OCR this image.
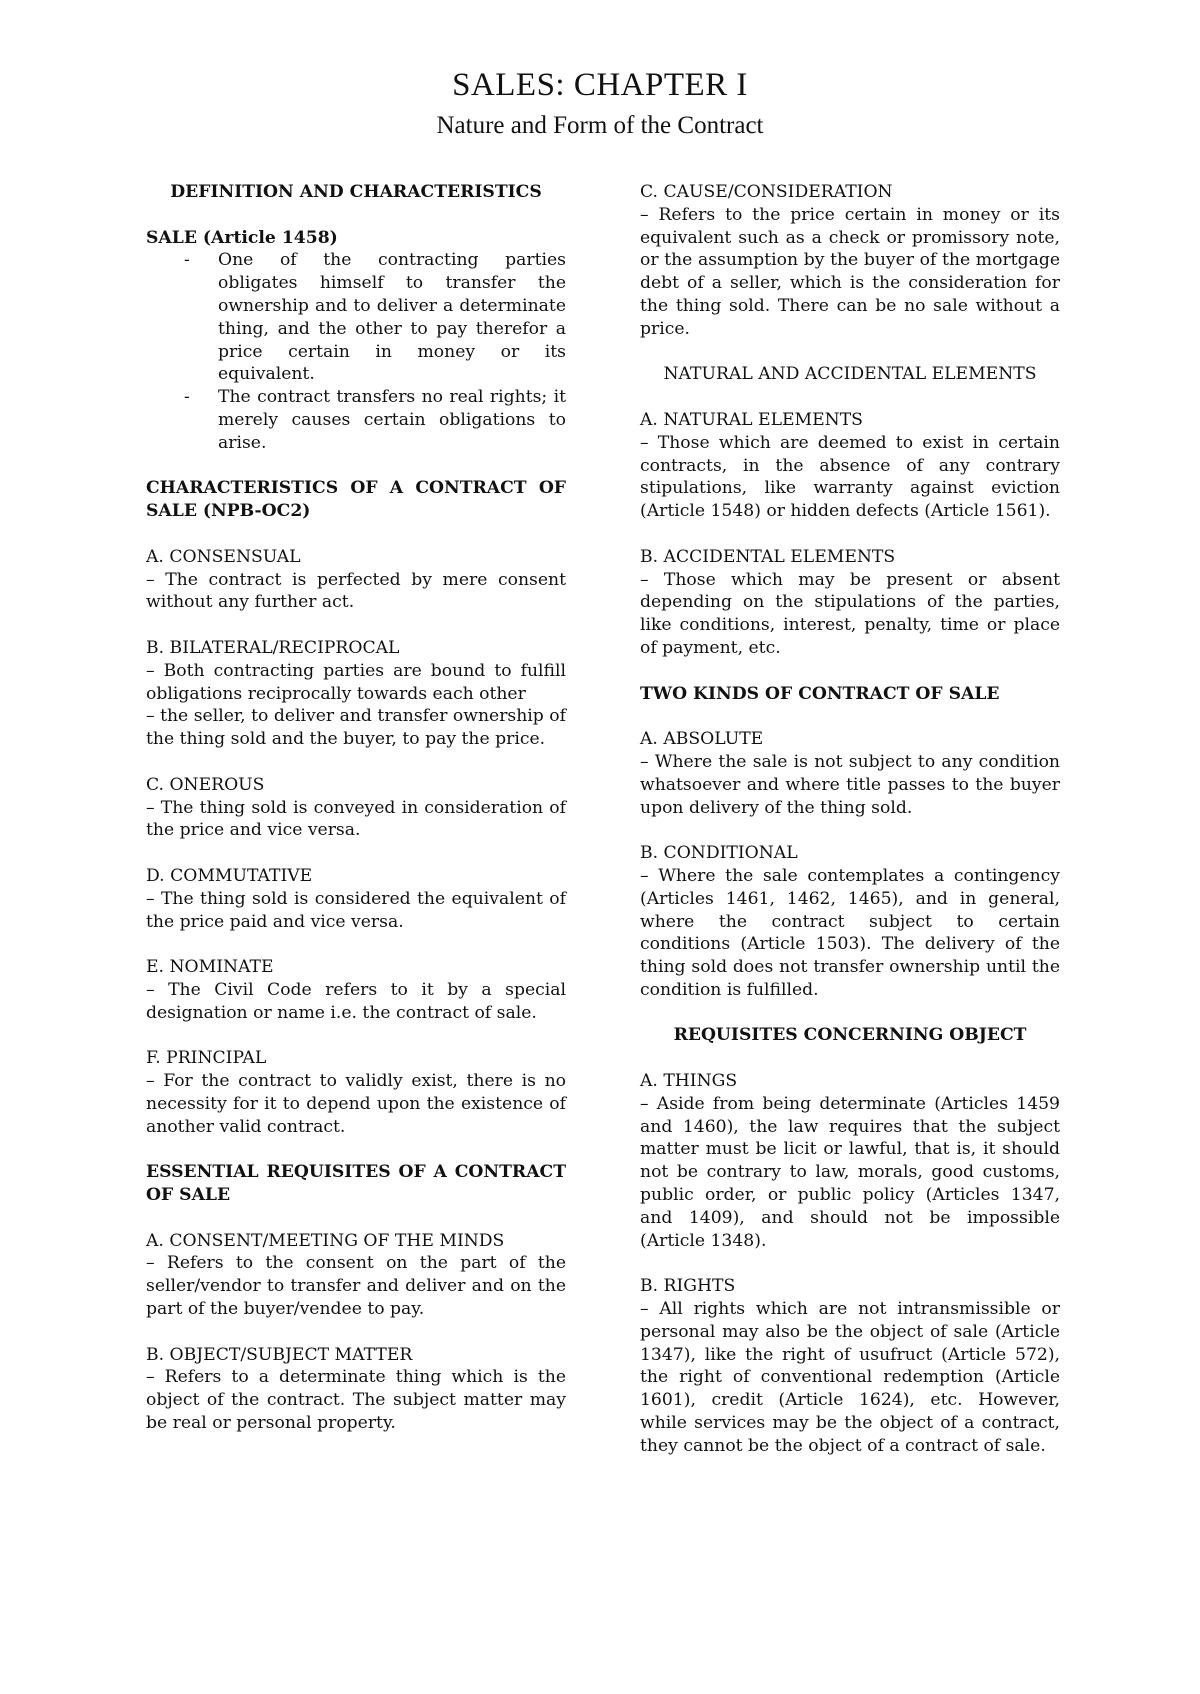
SALES: CHAPTER I
Nature and Form of the Contract

DEFINITION AND CHARACTERISTICS

SALE (Article 1458)

- One of the contracting parties obligates himself to transfer the ownership and to deliver a determinate thing, and the other to pay therefor a price certain in money or its equivalent.
- The contract transfers no real rights; it merely causes certain obligations to arise.

CHARACTERISTICS OF A CONTRACT OF SALE (NPB-OC2)

A. CONSENSUAL

– The contract is perfected by mere consent without any further act.

B. BILATERAL/RECIPROCAL

– Both contracting parties are bound to fulfill obligations reciprocally towards each other

– the seller, to deliver and transfer ownership of the thing sold and the buyer, to pay the price.

C. ONEROUS

– The thing sold is conveyed in consideration of the price and vice versa.

D. COMMUTATIVE

– The thing sold is considered the equivalent of the price paid and vice versa.

E. NOMINATE

– The Civil Code refers to it by a special designation or name i.e. the contract of sale.

F. PRINCIPAL

– For the contract to validly exist, there is no necessity for it to depend upon the existence of another valid contract.

ESSENTIAL REQUISITES OF A CONTRACT OF SALE

A. CONSENT/MEETING OF THE MINDS

– Refers to the consent on the part of the seller/vendor to transfer and deliver and on the part of the buyer/vendee to pay.

B. OBJECT/SUBJECT MATTER

– Refers to a determinate thing which is the object of the contract. The subject matter may be real or personal property.

C. CAUSE/CONSIDERATION

– Refers to the price certain in money or its equivalent such as a check or promissory note, or the assumption by the buyer of the mortgage debt of a seller, which is the consideration for the thing sold. There can be no sale without a price.

NATURAL AND ACCIDENTAL ELEMENTS

A. NATURAL ELEMENTS

– Those which are deemed to exist in certain contracts, in the absence of any contrary stipulations, like warranty against eviction (Article 1548) or hidden defects (Article 1561).

B. ACCIDENTAL ELEMENTS

– Those which may be present or absent depending on the stipulations of the parties, like conditions, interest, penalty, time or place of payment, etc.

TWO KINDS OF CONTRACT OF SALE

A. ABSOLUTE

– Where the sale is not subject to any condition whatsoever and where title passes to the buyer upon delivery of the thing sold.

B. CONDITIONAL

– Where the sale contemplates a contingency (Articles 1461, 1462, 1465), and in general, where the contract subject to certain conditions (Article 1503). The delivery of the thing sold does not transfer ownership until the condition is fulfilled.

REQUISITES CONCERNING OBJECT

A. THINGS

– Aside from being determinate (Articles 1459 and 1460), the law requires that the subject matter must be licit or lawful, that is, it should not be contrary to law, morals, good customs, public order, or public policy (Articles 1347, and 1409), and should not be impossible (Article 1348).

B. RIGHTS

– All rights which are not intransmissible or personal may also be the object of sale (Article 1347), like the right of usufruct (Article 572), the right of conventional redemption (Article 1601), credit (Article 1624), etc. However, while services may be the object of a contract, they cannot be the object of a contract of sale.
